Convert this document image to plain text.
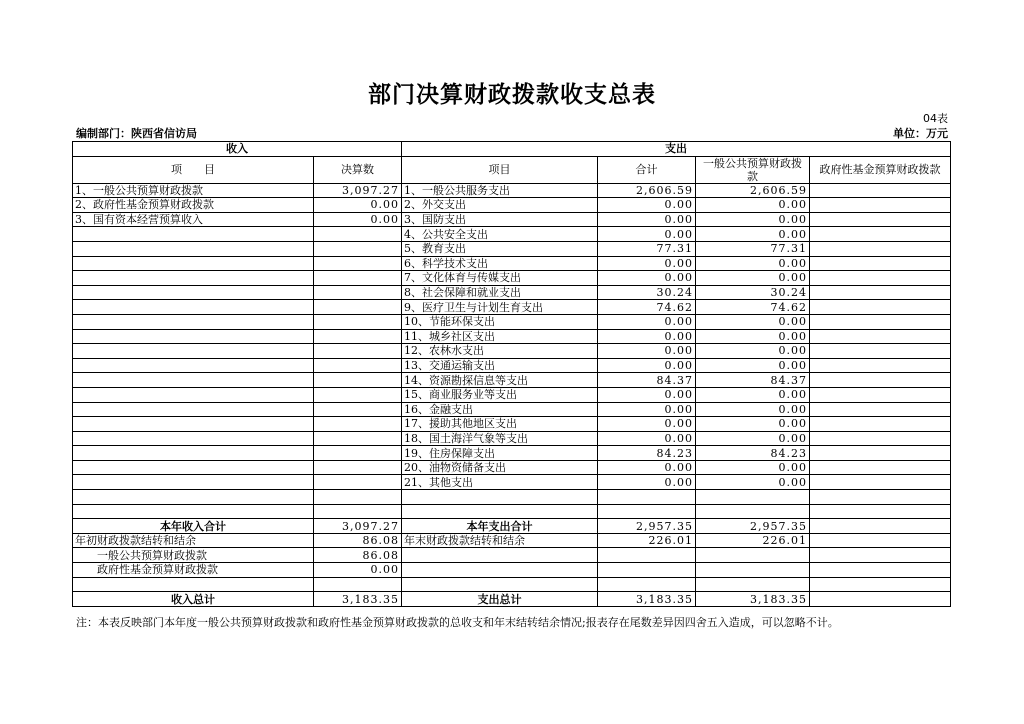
部门决算财政拨款收支总表
04表
编制部门：陕西省信访局	单位：万元
收入		支出			
项　　目	决算数	项目	合计	一般公共预算财政拨款	政府性基金预算财政拨款
1、一般公共预算财政拨款	3,097.27	1、一般公共服务支出	2,606.59	2,606.59	
2、政府性基金预算财政拨款	0.00	2、外交支出	0.00	0.00	
3、国有资本经营预算收入	0.00	3、国防支出	0.00	0.00	
		4、公共安全支出	0.00	0.00	
		5、教育支出	77.31	77.31	
		6、科学技术支出	0.00	0.00	
		7、文化体育与传媒支出	0.00	0.00	
		8、社会保障和就业支出	30.24	30.24	
		9、医疗卫生与计划生育支出	74.62	74.62	
		10、节能环保支出	0.00	0.00	
		11、城乡社区支出	0.00	0.00	
		12、农林水支出	0.00	0.00	
		13、交通运输支出	0.00	0.00	
		14、资源勘探信息等支出	84.37	84.37	
		15、商业服务业等支出	0.00	0.00	
		16、金融支出	0.00	0.00	
		17、援助其他地区支出	0.00	0.00	
		18、国土海洋气象等支出	0.00	0.00	
		19、住房保障支出	84.23	84.23	
		20、油物资储备支出	0.00	0.00	
		21、其他支出	0.00	0.00	

本年收入合计	3,097.27	本年支出合计	2,957.35	2,957.35	
年初财政拨款结转和结余	86.08	年末财政拨款结转和结余	226.01	226.01	
一般公共预算财政拨款	86.08				
政府性基金预算财政拨款	0.00				

收入总计	3,183.35	支出总计	3,183.35	3,183.35	
注：本表反映部门本年度一般公共预算财政拨款和政府性基金预算财政拨款的总收支和年末结转结余情况;报表存在尾数差异因四舍五入造成，可以忽略不计。
